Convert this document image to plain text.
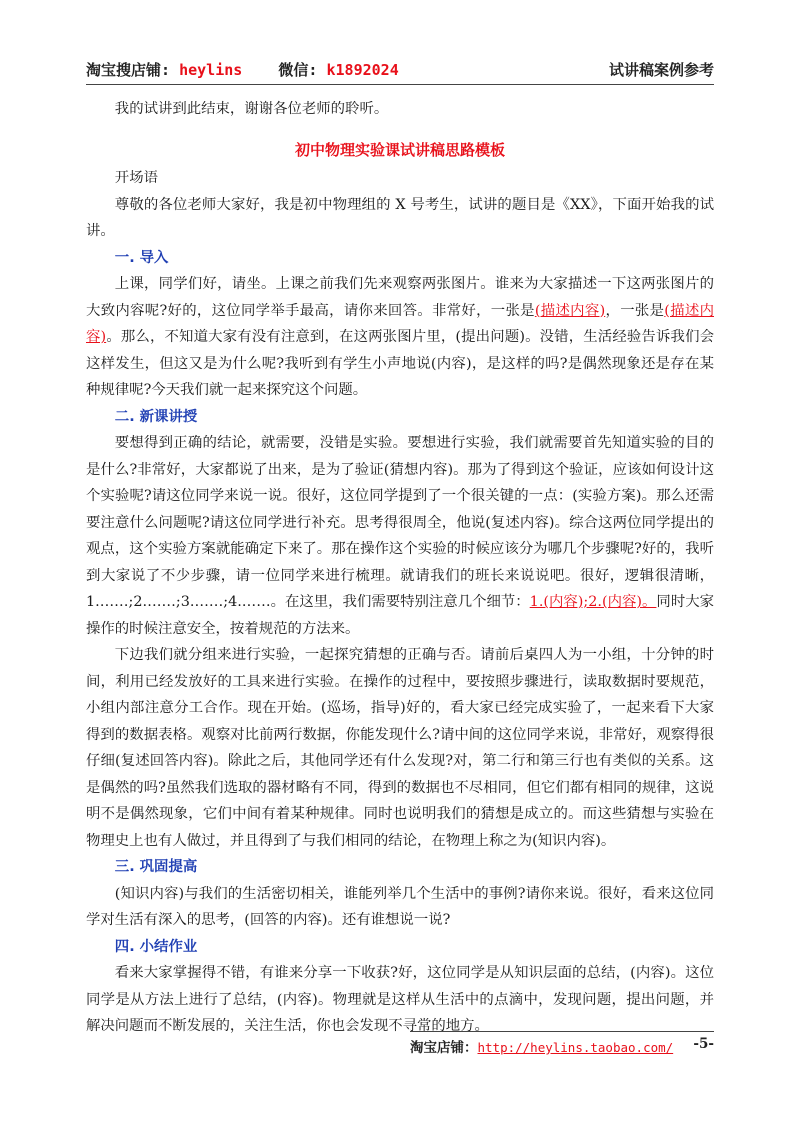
淘宝搜店铺: heylins 微信: k1892024	试讲稿案例参考

我的试讲到此结束，谢谢各位老师的聆听。

初中物理实验课试讲稿思路模板

开场语

尊敬的各位老师大家好，我是初中物理组的 X 号考生，试讲的题目是《XX》，下面开始我的试讲。

一. 导入

上课，同学们好，请坐。上课之前我们先来观察两张图片。谁来为大家描述一下这两张图片的大致内容呢?好的，这位同学举手最高，请你来回答。非常好，一张是(描述内容)，一张是(描述内容)。那么，不知道大家有没有注意到，在这两张图片里，(提出问题)。没错，生活经验告诉我们会这样发生，但这又是为什么呢?我听到有学生小声地说(内容)，是这样的吗?是偶然现象还是存在某种规律呢?今天我们就一起来探究这个问题。

二. 新课讲授

要想得到正确的结论，就需要，没错是实验。要想进行实验，我们就需要首先知道实验的目的是什么?非常好，大家都说了出来，是为了验证(猜想内容)。那为了得到这个验证，应该如何设计这个实验呢?请这位同学来说一说。很好，这位同学提到了一个很关键的一点：(实验方案)。那么还需要注意什么问题呢?请这位同学进行补充。思考得很周全，他说(复述内容)。综合这两位同学提出的观点，这个实验方案就能确定下来了。那在操作这个实验的时候应该分为哪几个步骤呢?好的，我听到大家说了不少步骤，请一位同学来进行梳理。就请我们的班长来说说吧。很好，逻辑很清晰，1.……;2.……;3.……;4.……。在这里，我们需要特别注意几个细节：1.(内容);2.(内容)。同时大家操作的时候注意安全，按着规范的方法来。

下边我们就分组来进行实验，一起探究猜想的正确与否。请前后桌四人为一小组，十分钟的时间，利用已经发放好的工具来进行实验。在操作的过程中，要按照步骤进行，读取数据时要规范，小组内部注意分工合作。现在开始。(巡场，指导)好的，看大家已经完成实验了，一起来看下大家得到的数据表格。观察对比前两行数据，你能发现什么?请中间的这位同学来说，非常好，观察得很仔细(复述回答内容)。除此之后，其他同学还有什么发现?对，第二行和第三行也有类似的关系。这是偶然的吗?虽然我们选取的器材略有不同，得到的数据也不尽相同，但它们都有相同的规律，这说明不是偶然现象，它们中间有着某种规律。同时也说明我们的猜想是成立的。而这些猜想与实验在物理史上也有人做过，并且得到了与我们相同的结论，在物理上称之为(知识内容)。

三. 巩固提高

(知识内容)与我们的生活密切相关，谁能列举几个生活中的事例?请你来说。很好，看来这位同学对生活有深入的思考，(回答的内容)。还有谁想说一说?

四. 小结作业

看来大家掌握得不错，有谁来分享一下收获?好，这位同学是从知识层面的总结，(内容)。这位同学是从方法上进行了总结，(内容)。物理就是这样从生活中的点滴中，发现问题，提出问题，并解决问题而不断发展的，关注生活，你也会发现不寻常的地方。

淘宝店铺：http://heylins.taobao.com/ -5-
